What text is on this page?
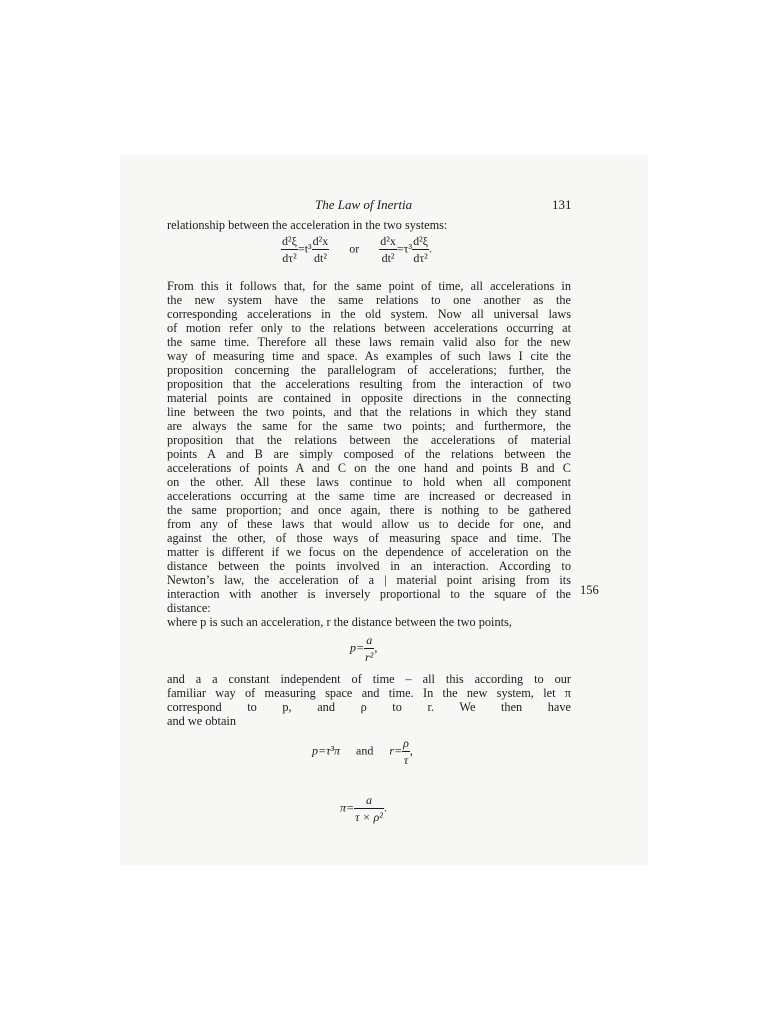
The Law of Inertia	131
156
relationship between the acceleration in the two systems:
$\frac{\text{d²ξ}}{\text{dτ²}} =t^3 \frac{\text{d²x}}{\text{dt²}}$ or $\frac{\text{d²x}}{\text{dt²}} =\tau^3 \frac{\text{d²ξ}}{\text{dτ²}}$ .
From this it follows that, for the same point of time, all accelerations in
the new system have the same relations to one another as the
corresponding accelerations in the old system. Now all universal laws
of motion refer only to the relations between accelerations occurring at
the same time. Therefore all these laws remain valid also for the new
way of measuring time and space. As examples of such laws I cite the
proposition concerning the parallelogram of accelerations; further, the
proposition that the accelerations resulting from the interaction of two
material points are contained in opposite directions in the connecting
line between the two points, and that the relations in which they stand
are always the same for the same two points; and furthermore, the
proposition that the relations between the accelerations of material
points A and B are simply composed of the relations between the
accelerations of points A and C on the one hand and points B and C
on the other. All these laws continue to hold when all component
accelerations occurring at the same time are increased or decreased in
the same proportion; and once again, there is nothing to be gathered
from any of these laws that would allow us to decide for one, and
against the other, of those ways of measuring space and time. The
matter is different if we focus on the dependence of acceleration on the
distance between the points involved in an interaction. According to
Newton’s law, the acceleration of a | material point arising from its
interaction with another is inversely proportional to the square of the
distance:
where p is such an acceleration, r the distance between the two points,
$p= \frac{a}{\text{r²}}$ ,
and a a constant independent of time – all this according to our
familiar way of measuring space and time. In the new system, let π
correspond to p, and ρ to r. We then have
and we obtain
p=τ³π and $r= \frac{\rho}{\tau}$ ,
$\pi= \frac{a}{\text{τ × ρ²}}$ .
